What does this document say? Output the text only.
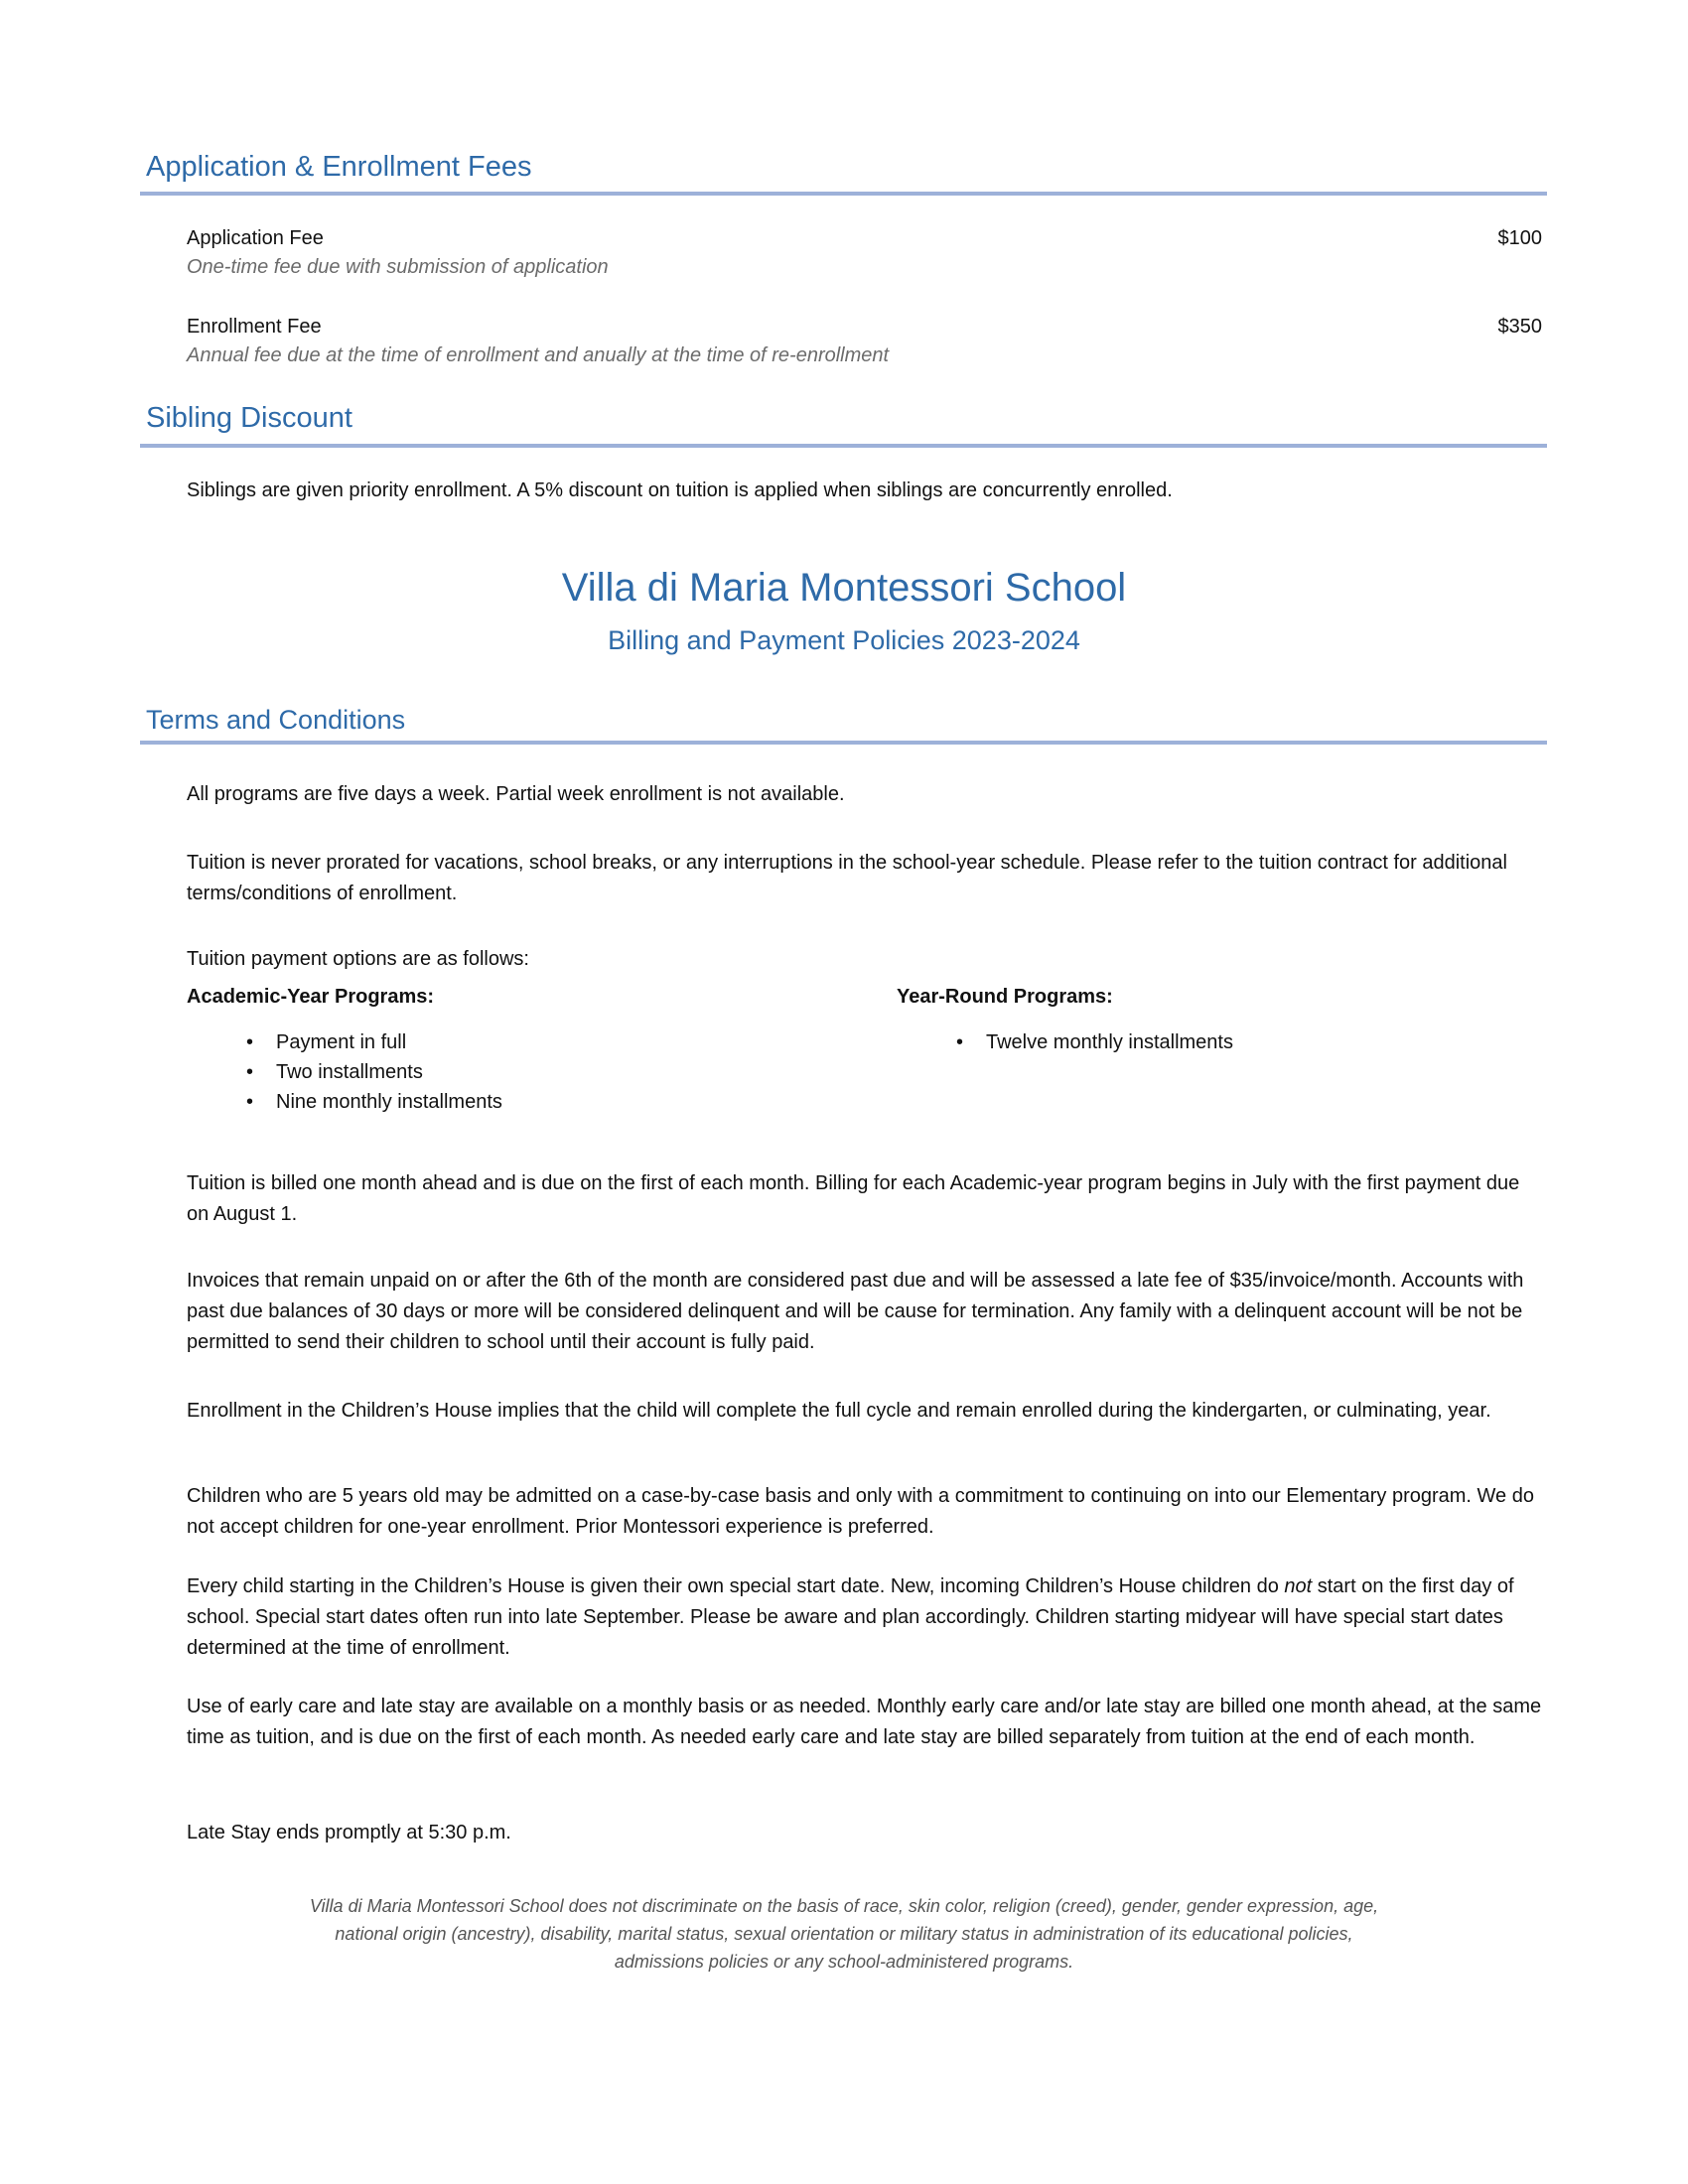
Application & Enrollment Fees
Application Fee	$100
One-time fee due with submission of application
Enrollment Fee	$350
Annual fee due at the time of enrollment and anually at the time of re-enrollment
Sibling Discount

Siblings are given priority enrollment. A 5% discount on tuition is applied when siblings are concurrently enrolled.

Villa di Maria Montessori School
Billing and Payment Policies 2023-2024
Terms and Conditions

All programs are five days a week. Partial week enrollment is not available.

Tuition is never prorated for vacations, school breaks, or any interruptions in the school-year schedule. Please refer to the tuition contract for additional terms/conditions of enrollment.

Tuition payment options are as follows:

Academic-Year Programs:
• Payment in full
• Two installments
• Nine monthly installments
Year-Round Programs:
• Twelve monthly installments

Tuition is billed one month ahead and is due on the first of each month. Billing for each Academic-year program begins in July with the first payment due on August 1.

Invoices that remain unpaid on or after the 6th of the month are considered past due and will be assessed a late fee of $35/invoice/month. Accounts with past due balances of 30 days or more will be considered delinquent and will be cause for termination. Any family with a delinquent account will be not be permitted to send their children to school until their account is fully paid.

Enrollment in the Children’s House implies that the child will complete the full cycle and remain enrolled during the kindergarten, or culminating, year.

Children who are 5 years old may be admitted on a case-by-case basis and only with a commitment to continuing on into our Elementary program. We do not accept children for one-year enrollment. Prior Montessori experience is preferred.

Every child starting in the Children’s House is given their own special start date. New, incoming Children’s House children do not start on the first day of school. Special start dates often run into late September. Please be aware and plan accordingly. Children starting midyear will have special start dates determined at the time of enrollment.

Use of early care and late stay are available on a monthly basis or as needed. Monthly early care and/or late stay are billed one month ahead, at the same time as tuition, and is due on the first of each month. As needed early care and late stay are billed separately from tuition at the end of each month.

Late Stay ends promptly at 5:30 p.m.

Villa di Maria Montessori School does not discriminate on the basis of race, skin color, religion (creed), gender, gender expression, age, national origin (ancestry), disability, marital status, sexual orientation or military status in administration of its educational policies, admissions policies or any school-administered programs.
